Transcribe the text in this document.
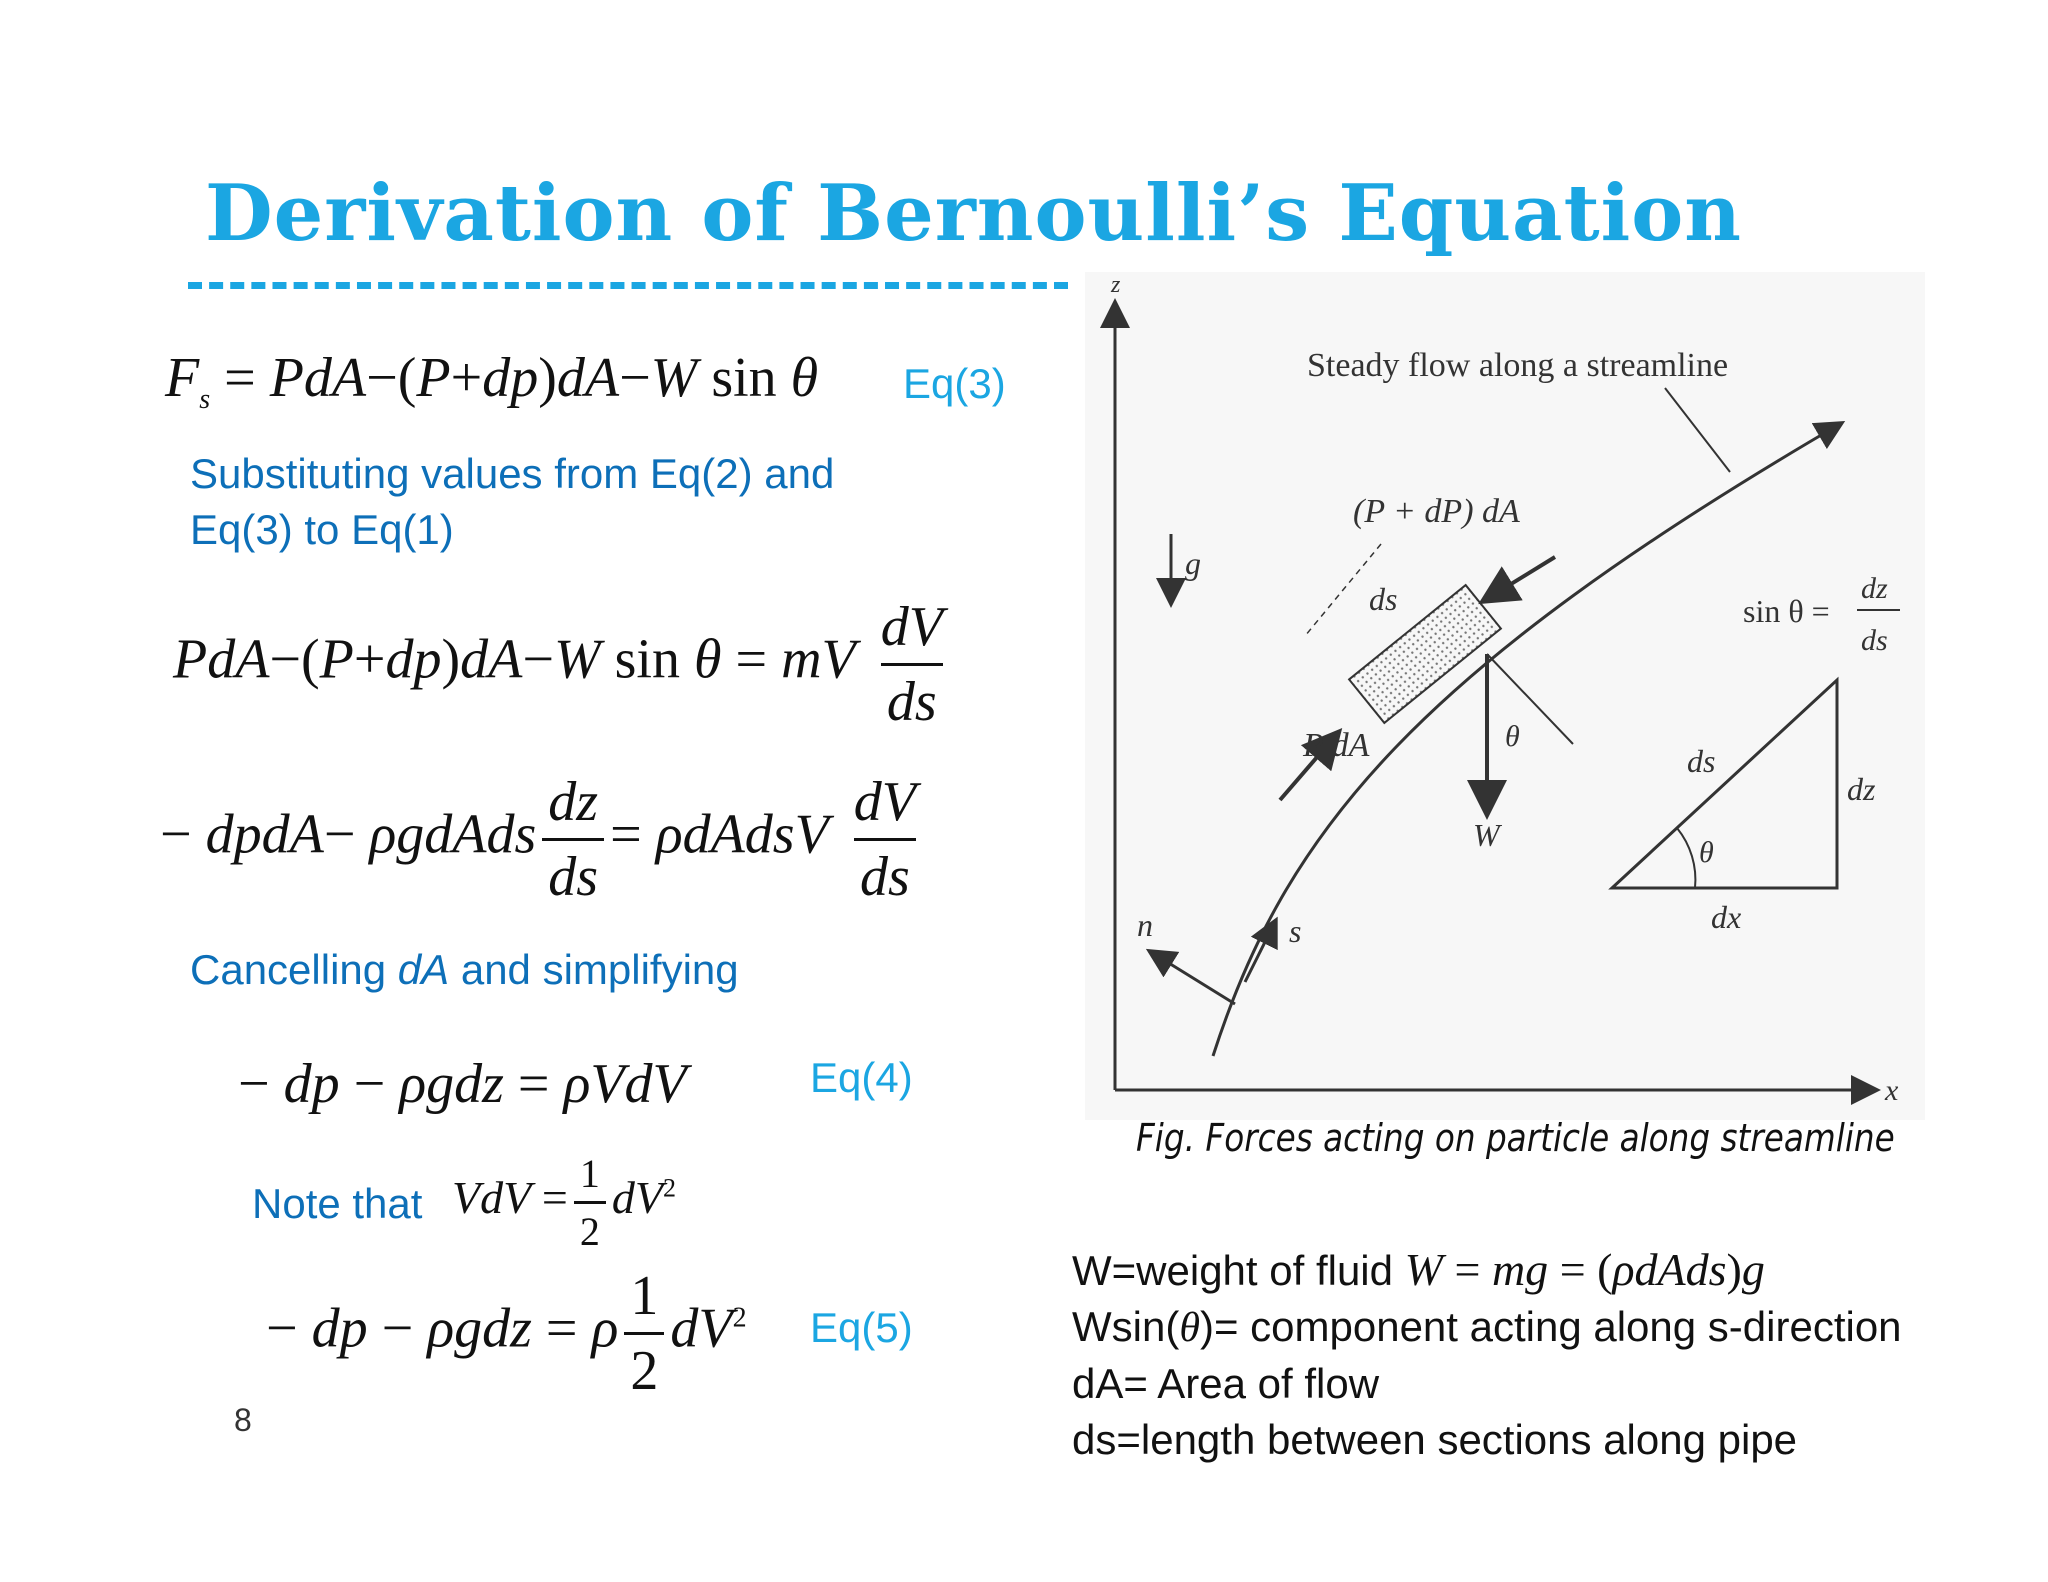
Derivation of Bernoulli’s Equation
$F_s = PdA-(P+dp)dA-W$ sin θ Eq(3)
Substituting values from Eq(2) and
Eq(3) to Eq(1)
PdA−(P+dp)dA−W sin θ = mV $\frac{dV}{ds}$
− dpdA− ρgdAds $\frac{dz}{ds}$ = ρdAdsV $\frac{dV}{ds}$
Cancelling dA and simplifying
− dp − ρgdz = ρVdV	Eq(4)
Note that VdV = $\frac{1}{2} dV^2$
− dp − ρgdz = ρ $\frac{1}{2} dV^2$ Eq(5)
8
z
x
Steady flow along a streamline
g
(P + dP) dA
P dA
ds
W
θ
n	s
sin θ =
dz
ds
θ
ds
dz
dx
Fig. Forces acting on particle along streamline
W=weight of fluid W = mg = (ρdAds)g
Wsin(θ)= component acting along s-direction
dA= Area of flow
ds=length between sections along pipe
